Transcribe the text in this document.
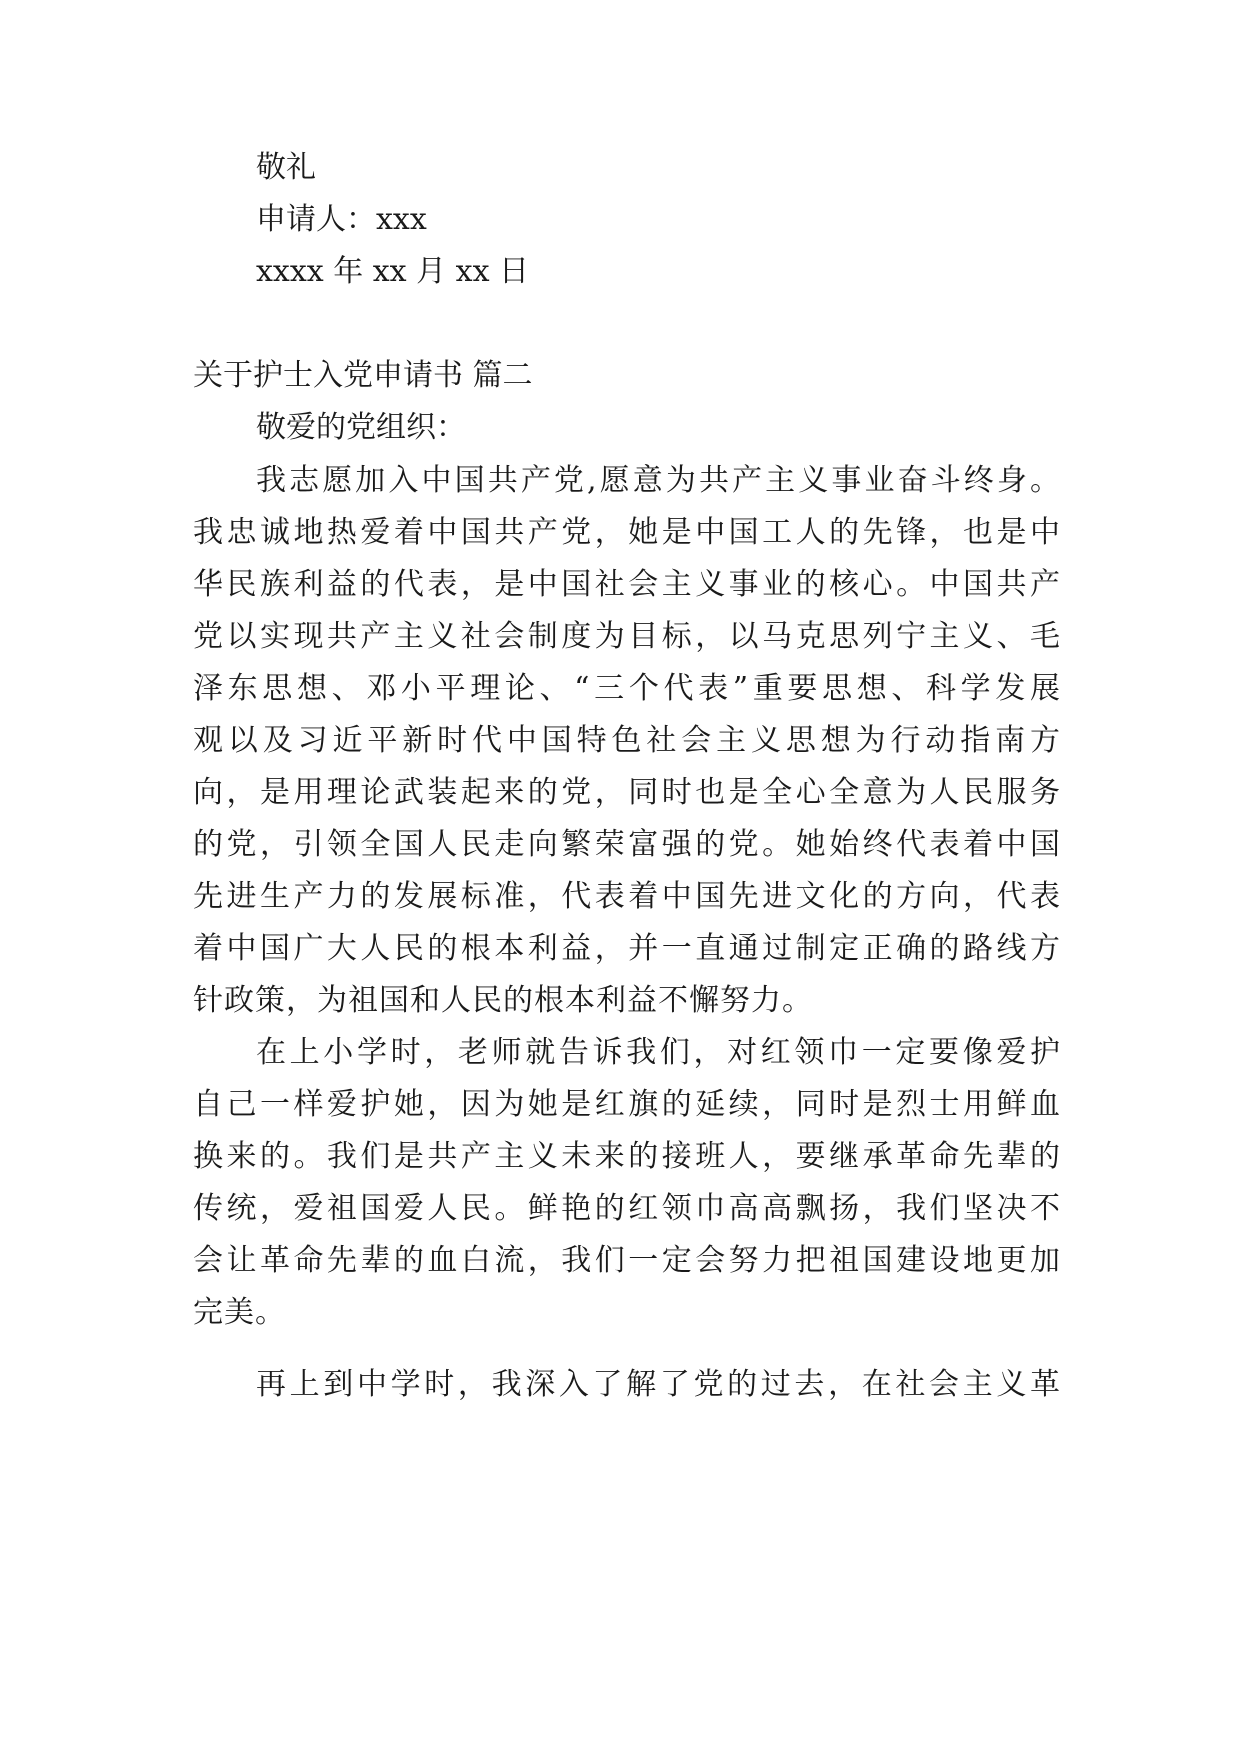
敬礼
申请人：xxx
xxxx 年 xx 月 xx 日
关于护士入党申请书 篇二
敬爱的党组织：
我志愿加入中国共产党,愿意为共产主义事业奋斗终身。
我忠诚地热爱着中国共产党，她是中国工人的先锋，也是中
华民族利益的代表，是中国社会主义事业的核心。中国共产
党以实现共产主义社会制度为目标，以马克思列宁主义、毛
泽东思想、邓小平理论、“三个代表”重要思想、科学发展
观以及习近平新时代中国特色社会主义思想为行动指南方
向，是用理论武装起来的党，同时也是全心全意为人民服务
的党，引领全国人民走向繁荣富强的党。她始终代表着中国
先进生产力的发展标准，代表着中国先进文化的方向，代表
着中国广大人民的根本利益，并一直通过制定正确的路线方
针政策，为祖国和人民的根本利益不懈努力。
在上小学时，老师就告诉我们，对红领巾一定要像爱护
自己一样爱护她，因为她是红旗的延续，同时是烈士用鲜血
换来的。我们是共产主义未来的接班人，要继承革命先辈的
传统，爱祖国爱人民。鲜艳的红领巾高高飘扬，我们坚决不
会让革命先辈的血白流，我们一定会努力把祖国建设地更加
完美。
再上到中学时，我深入了解了党的过去，在社会主义革
